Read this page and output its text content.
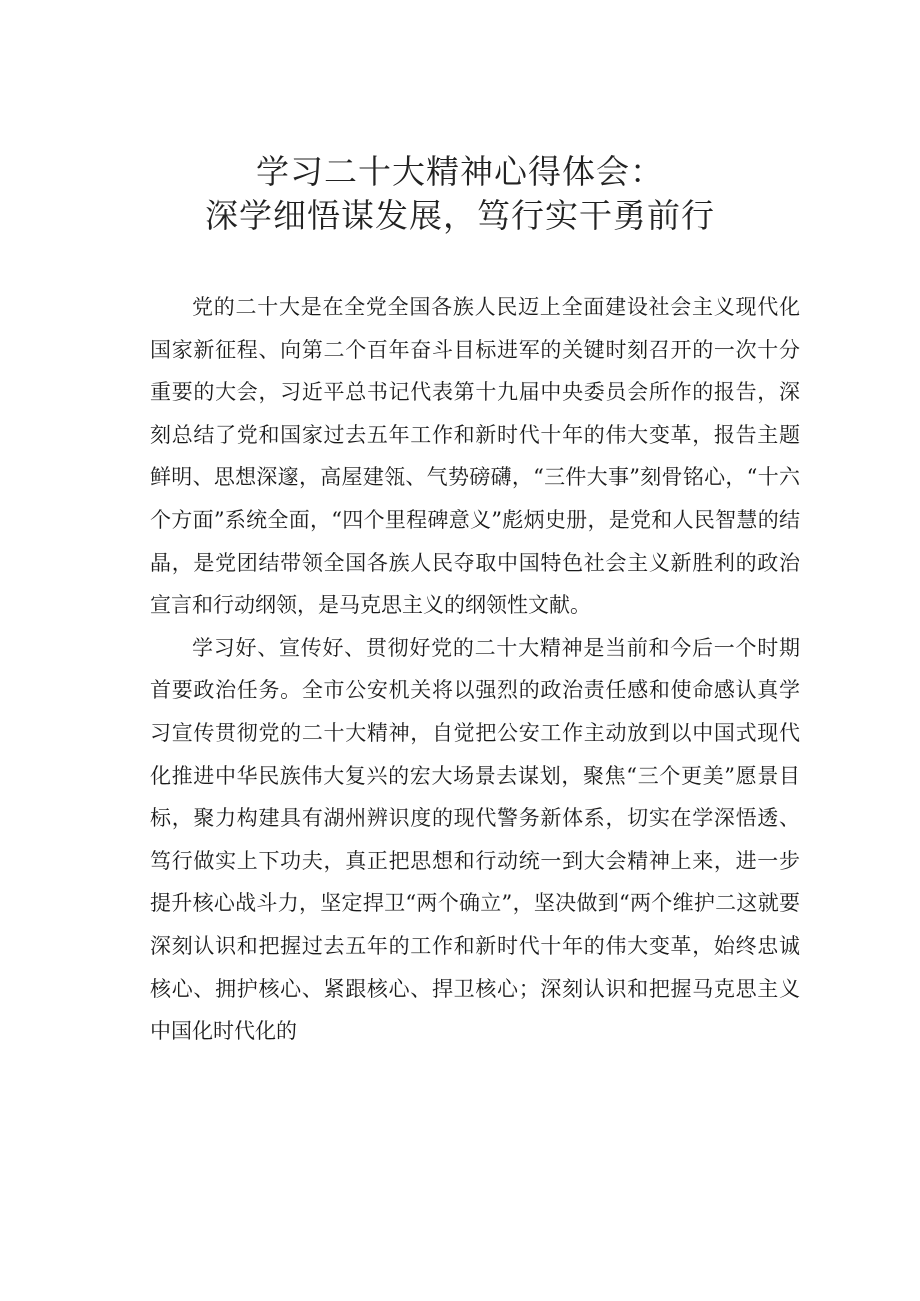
学习二十大精神心得体会：

深学细悟谋发展，笃行实干勇前行

党的二十大是在全党全国各族人民迈上全面建设社会主义现代化国家新征程、向第二个百年奋斗目标进军的关键时刻召开的一次十分重要的大会，习近平总书记代表第十九届中央委员会所作的报告，深刻总结了党和国家过去五年工作和新时代十年的伟大变革，报告主题鲜明、思想深邃，高屋建瓴、气势磅礴，“三件大事”刻骨铭心，“十六个方面”系统全面，“四个里程碑意义”彪炳史册，是党和人民智慧的结晶，是党团结带领全国各族人民夺取中国特色社会主义新胜利的政治宣言和行动纲领，是马克思主义的纲领性文献。

学习好、宣传好、贯彻好党的二十大精神是当前和今后一个时期首要政治任务。全市公安机关将以强烈的政治责任感和使命感认真学习宣传贯彻党的二十大精神，自觉把公安工作主动放到以中国式现代化推进中华民族伟大复兴的宏大场景去谋划，聚焦“三个更美”愿景目标，聚力构建具有湖州辨识度的现代警务新体系，切实在学深悟透、笃行做实上下功夫，真正把思想和行动统一到大会精神上来，进一步提升核心战斗力，坚定捍卫“两个确立”，坚决做到“两个维护二这就要深刻认识和把握过去五年的工作和新时代十年的伟大变革，始终忠诚核心、拥护核心、紧跟核心、捍卫核心；深刻认识和把握马克思主义中国化时代化的
